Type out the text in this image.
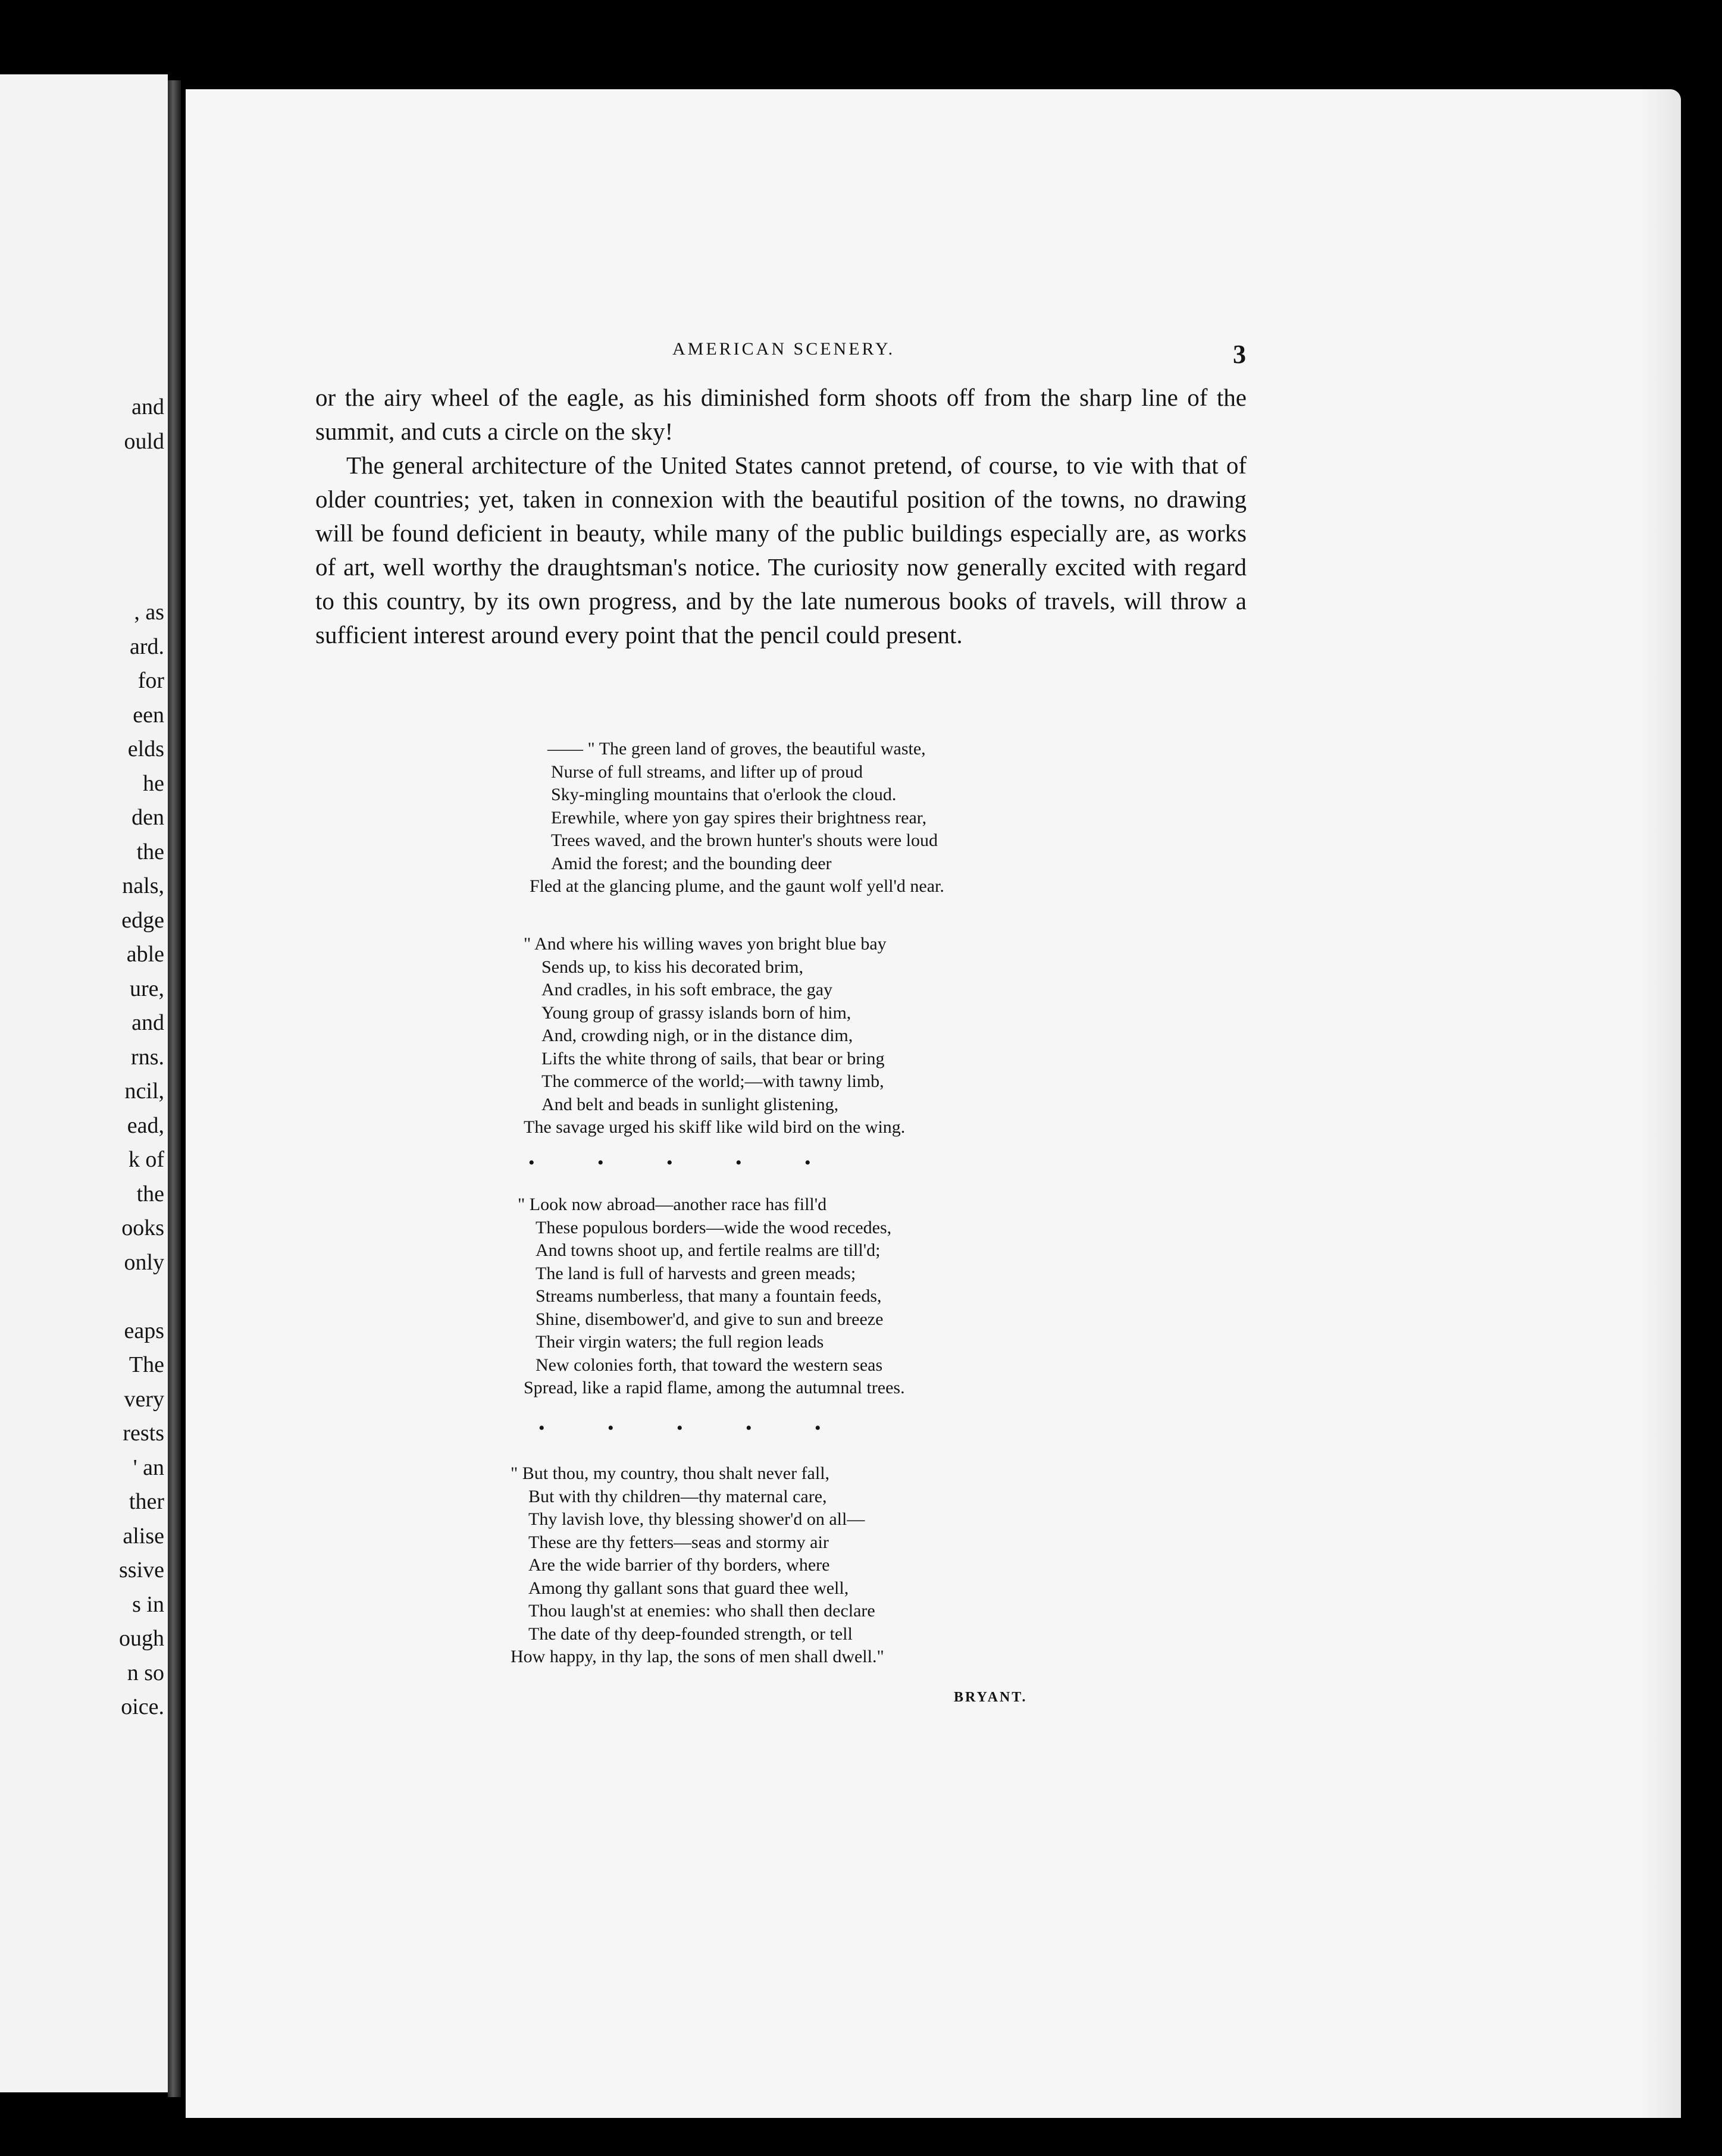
and
ould
, as
ard.
for
een
elds
he
den
the
nals,
edge
able
ure,
and
rns.
ncil,
ead,
k of
the
ooks
only
eaps
The
very
rests
' an
ther
alise
ssive
s in
ough
n so
oice.
AMERICAN SCENERY.	3

or the airy wheel of the eagle, as his diminished form shoots off from the sharp line of the summit, and cuts a circle on the sky!

The general architecture of the United States cannot pretend, of course, to vie with that of older countries; yet, taken in connexion with the beautiful position of the towns, no drawing will be found deficient in beauty, while many of the public buildings especially are, as works of art, well worthy the draughtsman's notice. The curiosity now generally excited with regard to this country, by its own progress, and by the late numerous books of travels, will throw a sufficient interest around every point that the pencil could present.

—— " The green land of groves, the beautiful waste,
Nurse of full streams, and lifter up of proud
Sky-mingling mountains that o'erlook the cloud.
Erewhile, where yon gay spires their brightness rear,
Trees waved, and the brown hunter's shouts were loud
Amid the forest; and the bounding deer
Fled at the glancing plume, and the gaunt wolf yell'd near.
" And where his willing waves yon bright blue bay
Sends up, to kiss his decorated brim,
And cradles, in his soft embrace, the gay
Young group of grassy islands born of him,
And, crowding nigh, or in the distance dim,
Lifts the white throng of sails, that bear or bring
The commerce of the world;—with tawny limb,
And belt and beads in sunlight glistening,
The savage urged his skiff like wild bird on the wing.
•	•	•	•	•
" Look now abroad—another race has fill'd
These populous borders—wide the wood recedes,
And towns shoot up, and fertile realms are till'd;
The land is full of harvests and green meads;
Streams numberless, that many a fountain feeds,
Shine, disembower'd, and give to sun and breeze
Their virgin waters; the full region leads
New colonies forth, that toward the western seas
Spread, like a rapid flame, among the autumnal trees.
•	•	•	•	•
" But thou, my country, thou shalt never fall,
But with thy children—thy maternal care,
Thy lavish love, thy blessing shower'd on all—
These are thy fetters—seas and stormy air
Are the wide barrier of thy borders, where
Among thy gallant sons that guard thee well,
Thou laugh'st at enemies: who shall then declare
The date of thy deep-founded strength, or tell
How happy, in thy lap, the sons of men shall dwell."
BRYANT.
